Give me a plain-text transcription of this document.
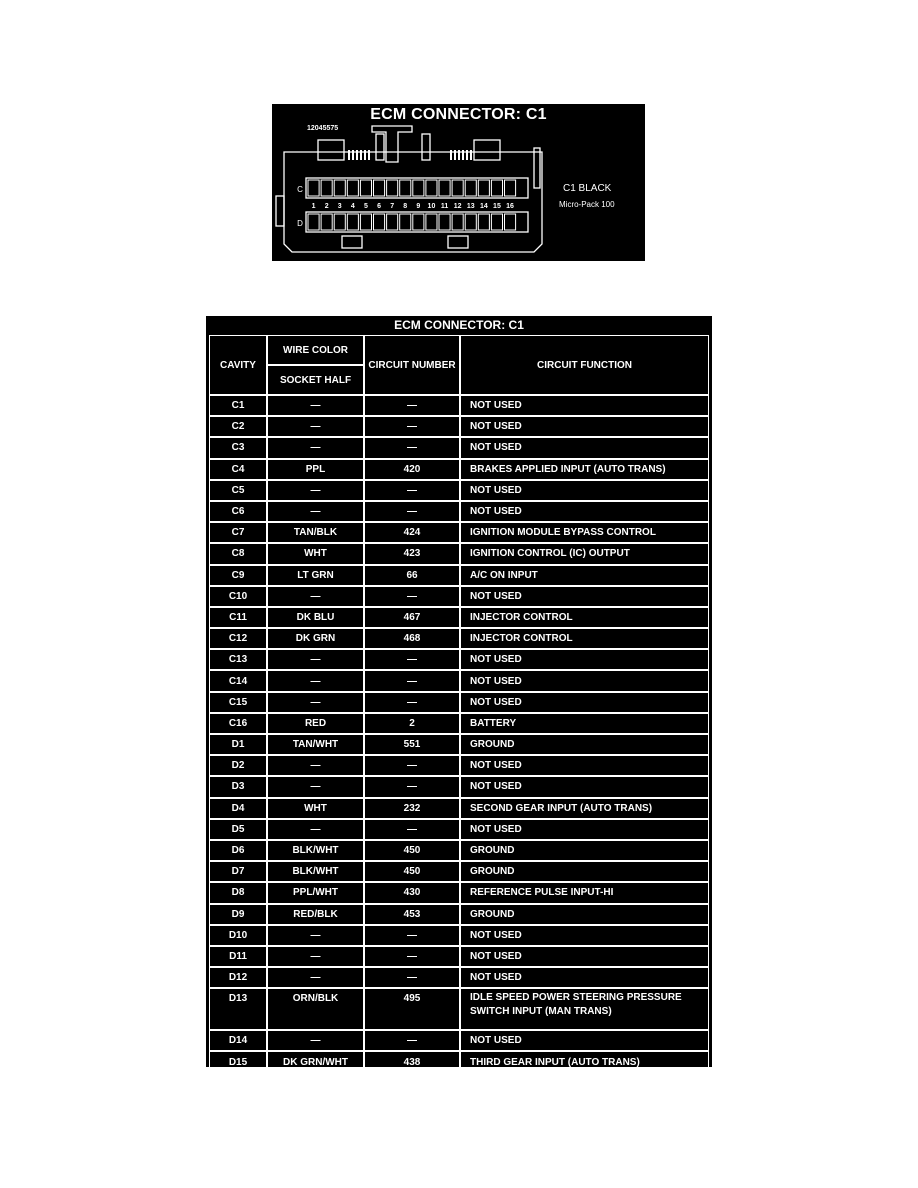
1 2 3 4 5 6 7 8 9 10 11 12 13 14 15 16
C
D
ECM CONNECTOR: C1
12045575
C1 BLACK
Micro-Pack 100
ECM CONNECTOR: C1
CAVITY	WIRE COLOR	CIRCUIT NUMBER	CIRCUIT FUNCTION
	SOCKET HALF		
C1	—	—	NOT USED
C2	—	—	NOT USED
C3	—	—	NOT USED
C4	PPL	420	BRAKES APPLIED INPUT (AUTO TRANS)
C5	—	—	NOT USED
C6	—	—	NOT USED
C7	TAN/BLK	424	IGNITION MODULE BYPASS CONTROL
C8	WHT	423	IGNITION CONTROL (IC) OUTPUT
C9	LT GRN	66	A/C ON INPUT
C10	—	—	NOT USED
C11	DK BLU	467	INJECTOR CONTROL
C12	DK GRN	468	INJECTOR CONTROL
C13	—	—	NOT USED
C14	—	—	NOT USED
C15	—	—	NOT USED
C16	RED	2	BATTERY
D1	TAN/WHT	551	GROUND
D2	—	—	NOT USED
D3	—	—	NOT USED
D4	WHT	232	SECOND GEAR INPUT (AUTO TRANS)
D5	—	—	NOT USED
D6	BLK/WHT	450	GROUND
D7	BLK/WHT	450	GROUND
D8	PPL/WHT	430	REFERENCE PULSE INPUT-HI
D9	RED/BLK	453	GROUND
D10	—	—	NOT USED
D11	—	—	NOT USED
D12	—	—	NOT USED
D13	ORN/BLK	495	IDLE SPEED POWER STEERING PRESSURE SWITCH INPUT (MAN TRANS)
D14	—	—	NOT USED
D15	DK GRN/WHT	438	THIRD GEAR INPUT (AUTO TRANS)
D16	ORN/BLK	434	PARK/NEUTRAL INPUT (AUTO TRANS)
